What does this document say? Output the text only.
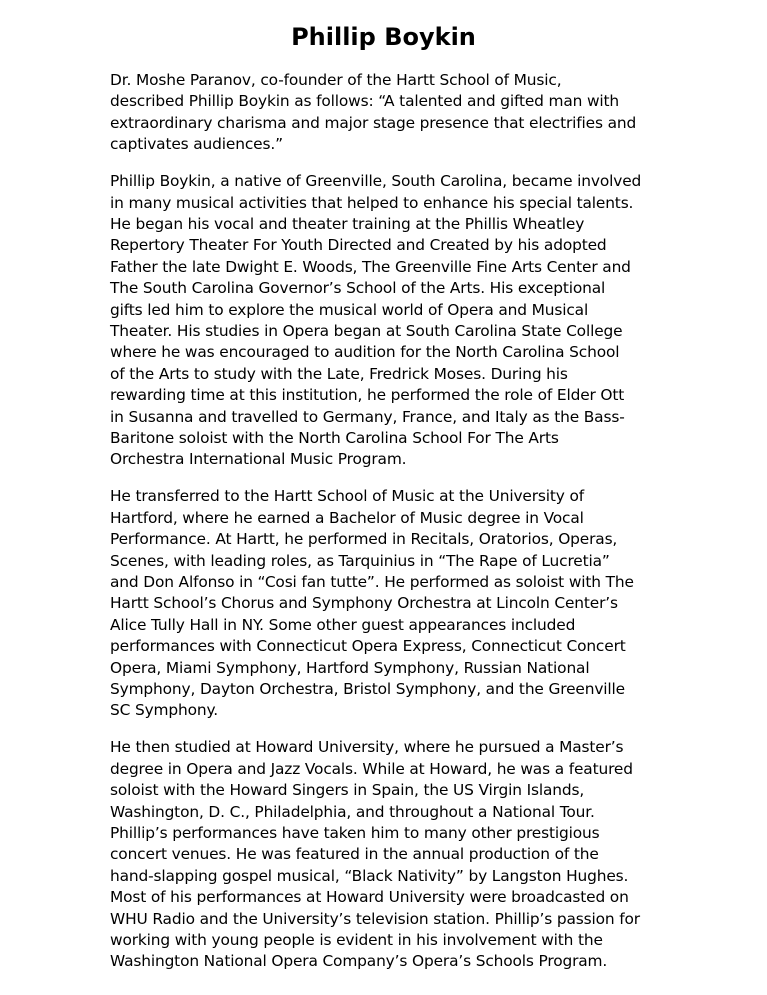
Phillip Boykin

Dr. Moshe Paranov, co-founder of the Hartt School of Music,
described Phillip Boykin as follows: “A talented and gifted man with
extraordinary charisma and major stage presence that electrifies and
captivates audiences.”

Phillip Boykin, a native of Greenville, South Carolina, became involved
in many musical activities that helped to enhance his special talents.
He began his vocal and theater training at the Phillis Wheatley
Repertory Theater For Youth Directed and Created by his adopted
Father the late Dwight E. Woods, The Greenville Fine Arts Center and
The South Carolina Governor’s School of the Arts. His exceptional
gifts led him to explore the musical world of Opera and Musical
Theater. His studies in Opera began at South Carolina State College
where he was encouraged to audition for the North Carolina School
of the Arts to study with the Late, Fredrick Moses. During his
rewarding time at this institution, he performed the role of Elder Ott
in Susanna and travelled to Germany, France, and Italy as the Bass-
Baritone soloist with the North Carolina School For The Arts
Orchestra International Music Program.

He transferred to the Hartt School of Music at the University of
Hartford, where he earned a Bachelor of Music degree in Vocal
Performance. At Hartt, he performed in Recitals, Oratorios, Operas,
Scenes, with leading roles, as Tarquinius in “The Rape of Lucretia”
and Don Alfonso in “Cosi fan tutte”. He performed as soloist with The
Hartt School’s Chorus and Symphony Orchestra at Lincoln Center’s
Alice Tully Hall in NY. Some other guest appearances included
performances with Connecticut Opera Express, Connecticut Concert
Opera, Miami Symphony, Hartford Symphony, Russian National
Symphony, Dayton Orchestra, Bristol Symphony, and the Greenville
SC Symphony.

He then studied at Howard University, where he pursued a Master’s
degree in Opera and Jazz Vocals. While at Howard, he was a featured
soloist with the Howard Singers in Spain, the US Virgin Islands,
Washington, D. C., Philadelphia, and throughout a National Tour.
Phillip’s performances have taken him to many other prestigious
concert venues. He was featured in the annual production of the
hand-slapping gospel musical, “Black Nativity” by Langston Hughes.
Most of his performances at Howard University were broadcasted on
WHU Radio and the University’s television station. Phillip’s passion for
working with young people is evident in his involvement with the
Washington National Opera Company’s Opera’s Schools Program.
